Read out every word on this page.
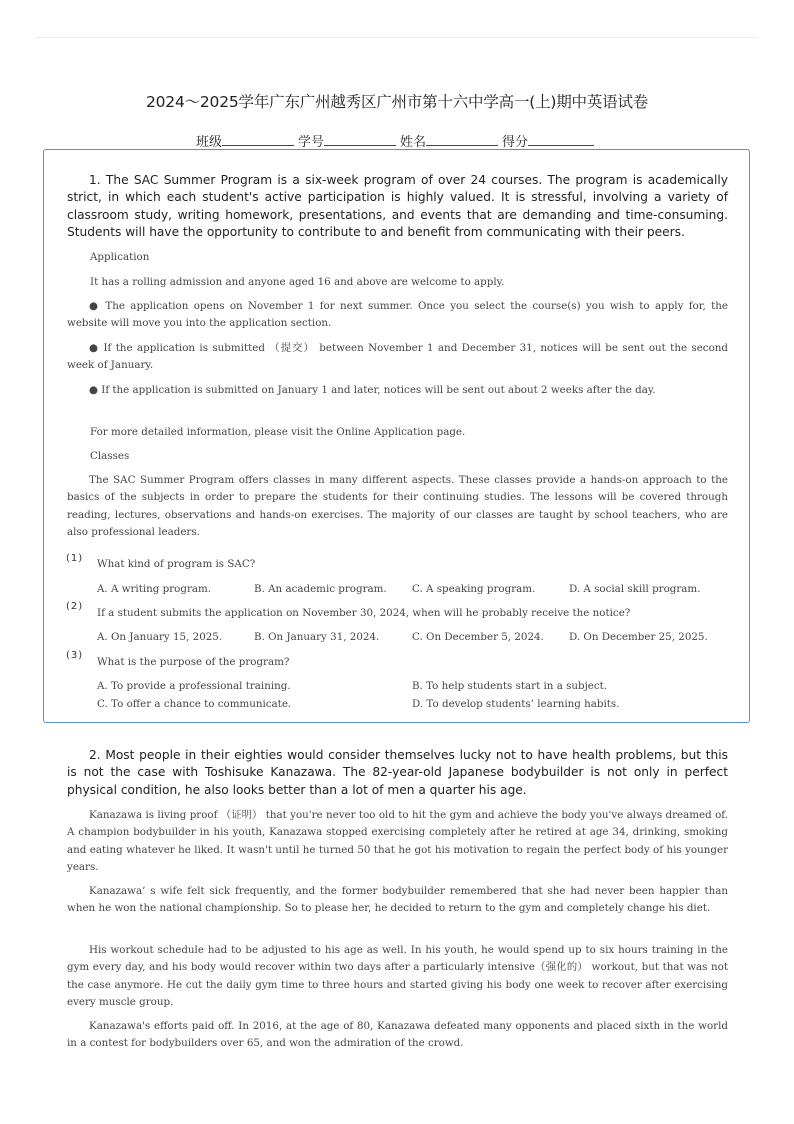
2024～2025学年广东广州越秀区广州市第十六中学高一(上)期中英语试卷
班级	学号	姓名	得分

1. The SAC Summer Program is a six-week program of over 24 courses. The program is academically strict, in which each student's active participation is highly valued. It is stressful, involving a variety of classroom study, writing homework, presentations, and events that are demanding and time-consuming. Students will have the opportunity to contribute to and benefit from communicating with their peers.

Application

It has a rolling admission and anyone aged 16 and above are welcome to apply.

● The application opens on November 1 for next summer. Once you select the course(s) you wish to apply for, the website will move you into the application section.

● If the application is submitted （提交） between November 1 and December 31, notices will be sent out the second week of January.

● If the application is submitted on January 1 and later, notices will be sent out about 2 weeks after the day.

For more detailed information, please visit the Online Application page.

Classes

The SAC Summer Program offers classes in many different aspects. These classes provide a hands-on approach to the basics of the subjects in order to prepare the students for their continuing studies. The lessons will be covered through reading, lectures, observations and hands-on exercises. The majority of our classes are taught by school teachers, who are also professional leaders.

(1) What kind of program is SAC?

A. A writing program.	B. An academic program. C. A speaking program.	D. A social skill program.

(2)

If a student submits the application on November 30, 2024, when will he probably receive the notice?

A. On January 15, 2025.	B. On January 31, 2024.	C. On December 5, 2024. D. On December 25, 2025.

(3)

What is the purpose of the program?

A. To provide a professional training.	B. To help students start in a subject.

C. To offer a chance to communicate.	D. To develop students’ learning habits.

2. Most people in their eighties would consider themselves lucky not to have health problems, but this is not the case with Toshisuke Kanazawa. The 82-year-old Japanese bodybuilder is not only in perfect physical condition, he also looks better than a lot of men a quarter his age.

Kanazawa is living proof （证明） that you're never too old to hit the gym and achieve the body you've always dreamed of. A champion bodybuilder in his youth, Kanazawa stopped exercising completely after he retired at age 34, drinking, smoking and eating whatever he liked. It wasn't until he turned 50 that he got his motivation to regain the perfect body of his younger years.

Kanazawa’ s wife felt sick frequently, and the former bodybuilder remembered that she had never been happier than when he won the national championship. So to please her, he decided to return to the gym and completely change his diet.

His workout schedule had to be adjusted to his age as well. In his youth, he would spend up to six hours training in the gym every day, and his body would recover within two days after a particularly intensive（强化的） workout, but that was not the case anymore. He cut the daily gym time to three hours and started giving his body one week to recover after exercising every muscle group.

Kanazawa's efforts paid off. In 2016, at the age of 80, Kanazawa defeated many opponents and placed sixth in the world in a contest for bodybuilders over 65, and won the admiration of the crowd.
